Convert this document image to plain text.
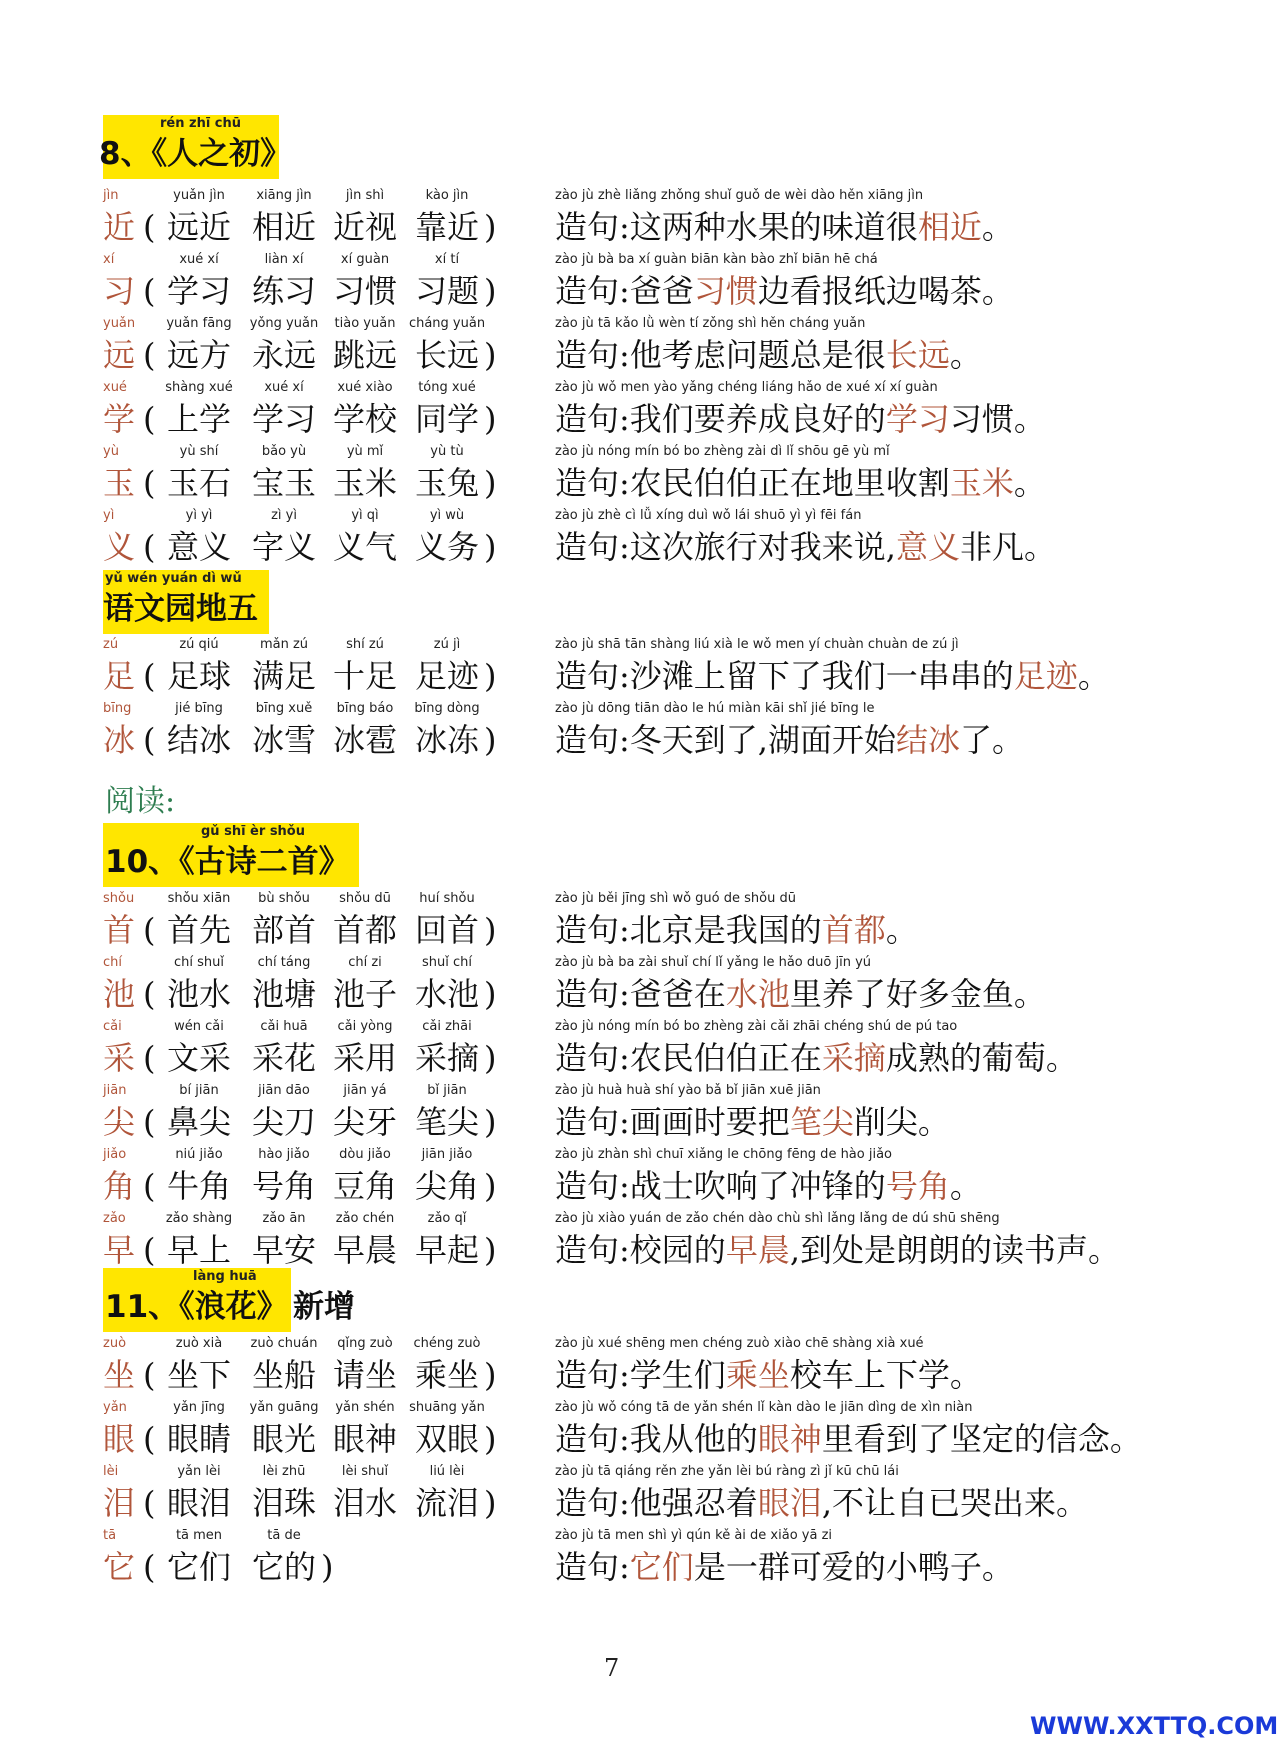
rén zhī chū
8、《人之初》
yǔ wén yuán dì wǔ
语文园地五
阅读:
gǔ shī èr shǒu
10、《古诗二首》
làng huā
11、《浪花》 新增
jìn
近 (
yuǎn jìn
远近
xiāng jìn
相近
jìn shì
近视
kào jìn
靠近 )
zào jù zhè liǎng zhǒng shuǐ guǒ de wèi dào hěn xiāng jìn
造句:这两种水果的味道很相近。
xí
习 (
xué xí
学习
liàn xí
练习
xí guàn
习惯
xí tí
习题 )
zào jù bà ba xí guàn biān kàn bào zhǐ biān hē chá
造句:爸爸习惯边看报纸边喝茶。
yuǎn
远 (
yuǎn fāng
远方
yǒng yuǎn
永远
tiào yuǎn
跳远
cháng yuǎn
长远 )
zào jù tā kǎo lǜ wèn tí zǒng shì hěn cháng yuǎn
造句:他考虑问题总是很长远。
xué
学 (
shàng xué
上学
xué xí
学习
xué xiào
学校
tóng xué
同学 )
zào jù wǒ men yào yǎng chéng liáng hǎo de xué xí xí guàn
造句:我们要养成良好的学习习惯。
yù
玉 (
yù shí
玉石
bǎo yù
宝玉
yù mǐ
玉米
yù tù
玉兔 )
zào jù nóng mín bó bo zhèng zài dì lǐ shōu gē yù mǐ
造句:农民伯伯正在地里收割玉米。
yì
义 (
yì yì
意义
zì yì
字义
yì qì
义气
yì wù
义务 )
zào jù zhè cì lǚ xíng duì wǒ lái shuō yì yì fēi fán
造句:这次旅行对我来说,意义非凡。
zú
足 (
zú qiú
足球
mǎn zú
满足
shí zú
十足
zú jì
足迹 )
zào jù shā tān shàng liú xià le wǒ men yí chuàn chuàn de zú jì
造句:沙滩上留下了我们一串串的足迹。
bīng
冰 (
jié bīng
结冰
bīng xuě
冰雪
bīng báo
冰雹
bīng dòng
冰冻 )
zào jù dōng tiān dào le hú miàn kāi shǐ jié bīng le
造句:冬天到了,湖面开始结冰了。
shǒu
首 (
shǒu xiān
首先
bù shǒu
部首
shǒu dū
首都
huí shǒu
回首 )
zào jù běi jīng shì wǒ guó de shǒu dū
造句:北京是我国的首都。
chí
池 (
chí shuǐ
池水
chí táng
池塘
chí zi
池子
shuǐ chí
水池 )
zào jù bà ba zài shuǐ chí lǐ yǎng le hǎo duō jīn yú
造句:爸爸在水池里养了好多金鱼。
cǎi
采 (
wén cǎi
文采
cǎi huā
采花
cǎi yòng
采用
cǎi zhāi
采摘 )
zào jù nóng mín bó bo zhèng zài cǎi zhāi chéng shú de pú tao
造句:农民伯伯正在采摘成熟的葡萄。
jiān
尖 (
bí jiān
鼻尖
jiān dāo
尖刀
jiān yá
尖牙
bǐ jiān
笔尖 )
zào jù huà huà shí yào bǎ bǐ jiān xuē jiān
造句:画画时要把笔尖削尖。
jiǎo
角 (
niú jiǎo
牛角
hào jiǎo
号角
dòu jiǎo
豆角
jiān jiǎo
尖角 )
zào jù zhàn shì chuī xiǎng le chōng fēng de hào jiǎo
造句:战士吹响了冲锋的号角。
zǎo
早 (
zǎo shàng
早上
zǎo ān
早安
zǎo chén
早晨
zǎo qǐ
早起 )
zào jù xiào yuán de zǎo chén dào chù shì lǎng lǎng de dú shū shēng
造句:校园的早晨,到处是朗朗的读书声。
zuò
坐 (
zuò xià
坐下
zuò chuán
坐船
qǐng zuò
请坐
chéng zuò
乘坐 )
zào jù xué shēng men chéng zuò xiào chē shàng xià xué
造句:学生们乘坐校车上下学。
yǎn
眼 (
yǎn jīng
眼睛
yǎn guāng
眼光
yǎn shén
眼神
shuāng yǎn
双眼 )
zào jù wǒ cóng tā de yǎn shén lǐ kàn dào le jiān dìng de xìn niàn
造句:我从他的眼神里看到了坚定的信念。
lèi
泪 (
yǎn lèi
眼泪
lèi zhū
泪珠
lèi shuǐ
泪水
liú lèi
流泪 )
zào jù tā qiáng rěn zhe yǎn lèi bú ràng zì jǐ kū chū lái
造句:他强忍着眼泪,不让自已哭出来。
tā
它 (
tā men
它们
tā de
它的 )
zào jù tā men shì yì qún kě ài de xiǎo yā zi
造句:它们是一群可爱的小鸭子。
7
WWW.XXTTQ.COM
